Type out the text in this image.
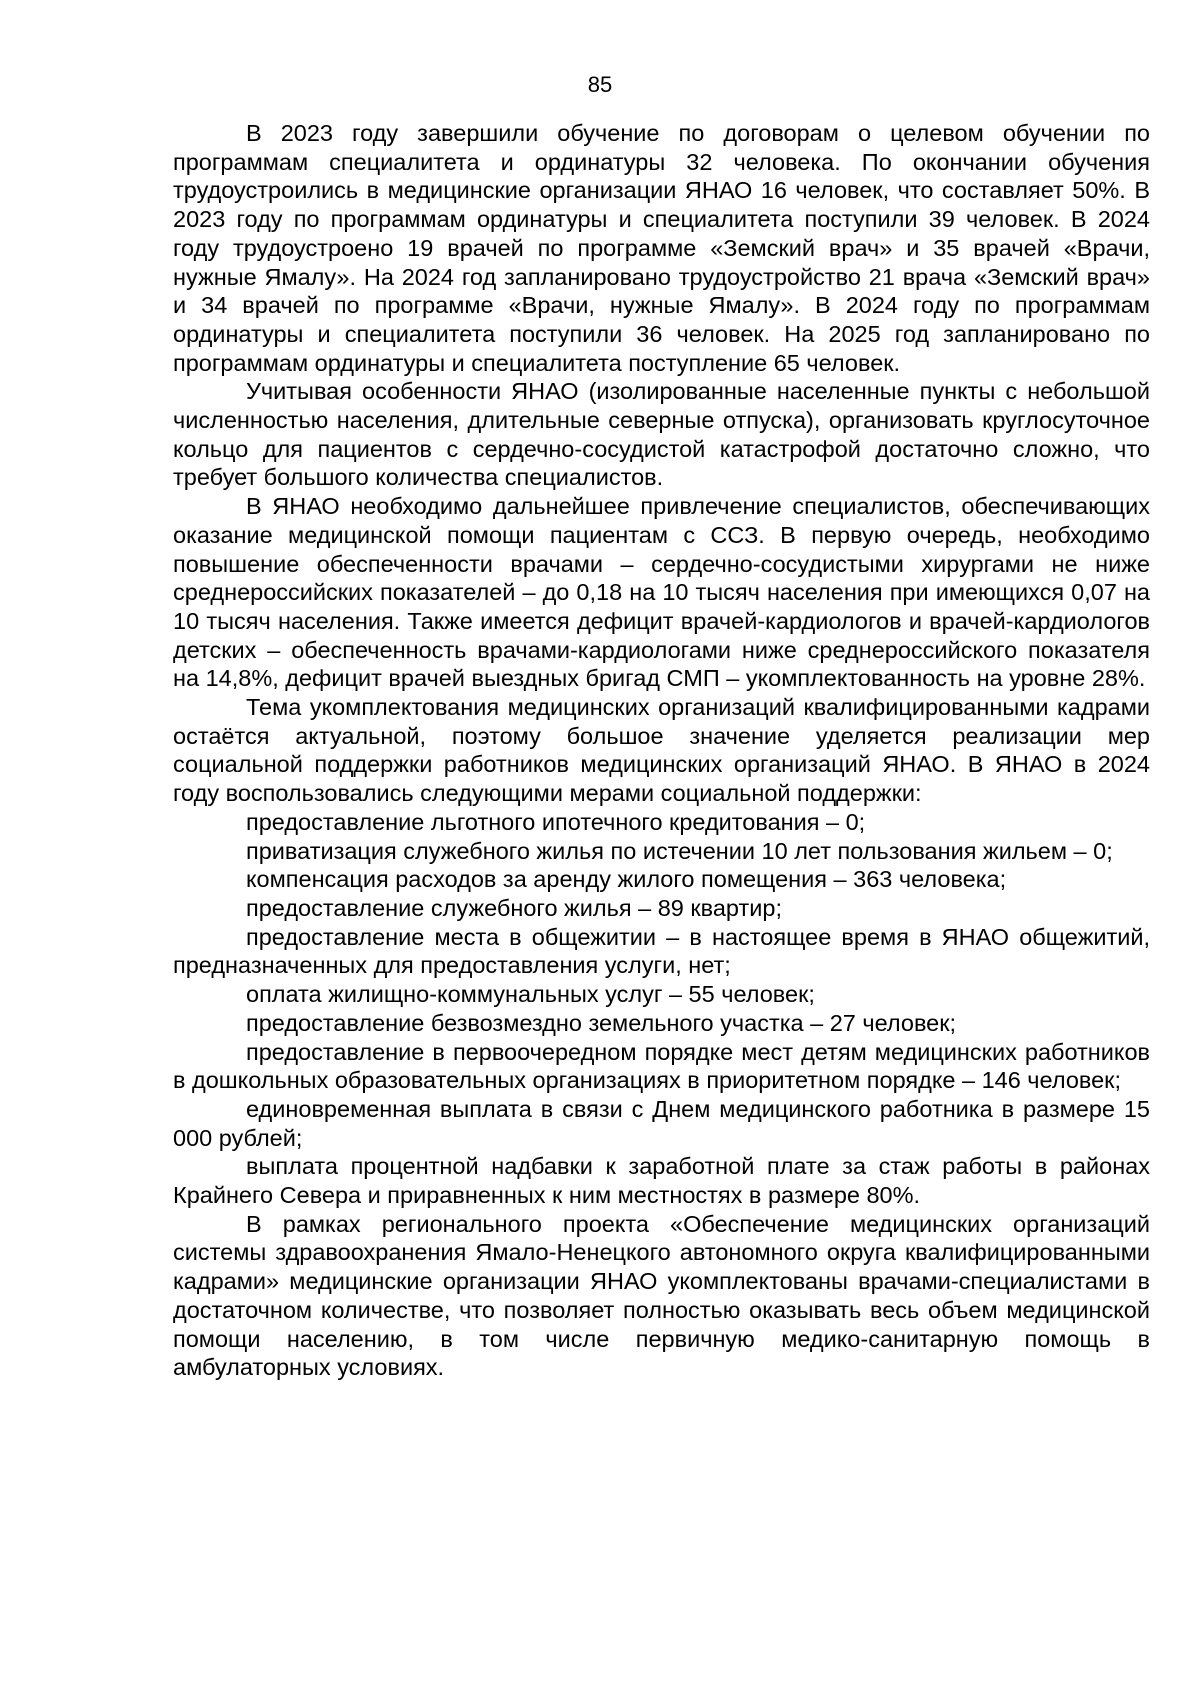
85

В 2023 году завершили обучение по договорам о целевом обучении по программам специалитета и ординатуры 32 человека. По окончании обучения трудоустроились в медицинские организации ЯНАО 16 человек, что составляет 50%. В 2023 году по программам ординатуры и специалитета поступили 39 человек. В 2024 году трудоустроено 19 врачей по программе «Земский врач» и 35 врачей «Врачи, нужные Ямалу». На 2024 год запланировано трудоустройство 21 врача «Земский врач» и 34 врачей по программе «Врачи, нужные Ямалу». В 2024 году по программам ординатуры и специалитета поступили 36 человек. На 2025 год запланировано по программам ординатуры и специалитета поступление 65 человек.

Учитывая особенности ЯНАО (изолированные населенные пункты с небольшой численностью населения, длительные северные отпуска), организовать круглосуточное кольцо для пациентов с сердечно-сосудистой катастрофой достаточно сложно, что требует большого количества специалистов.

В ЯНАО необходимо дальнейшее привлечение специалистов, обеспечивающих оказание медицинской помощи пациентам с ССЗ. В первую очередь, необходимо повышение обеспеченности врачами – сердечно-сосудистыми хирургами не ниже среднероссийских показателей – до 0,18 на 10 тысяч населения при имеющихся 0,07 на 10 тысяч населения. Также имеется дефицит врачей-кардиологов и врачей-кардиологов детских – обеспеченность врачами-кардиологами ниже среднероссийского показателя на 14,8%, дефицит врачей выездных бригад СМП – укомплектованность на уровне 28%.

Тема укомплектования медицинских организаций квалифицированными кадрами остаётся актуальной, поэтому большое значение уделяется реализации мер социальной поддержки работников медицинских организаций ЯНАО. В ЯНАО в 2024 году воспользовались следующими мерами социальной поддержки:

предоставление льготного ипотечного кредитования – 0;

приватизация служебного жилья по истечении 10 лет пользования жильем – 0;

компенсация расходов за аренду жилого помещения – 363 человека;

предоставление служебного жилья – 89 квартир;

предоставление места в общежитии – в настоящее время в ЯНАО общежитий, предназначенных для предоставления услуги, нет;

оплата жилищно-коммунальных услуг – 55 человек;

предоставление безвозмездно земельного участка – 27 человек;

предоставление в первоочередном порядке мест детям медицинских работников в дошкольных образовательных организациях в приоритетном порядке – 146 человек;

единовременная выплата в связи с Днем медицинского работника в размере 15 000 рублей;

выплата процентной надбавки к заработной плате за стаж работы в районах Крайнего Севера и приравненных к ним местностях в размере 80%.

В рамках регионального проекта «Обеспечение медицинских организаций системы здравоохранения Ямало-Ненецкого автономного округа квалифицированными кадрами» медицинские организации ЯНАО укомплектованы врачами-специалистами в достаточном количестве, что позволяет полностью оказывать весь объем медицинской помощи населению, в том числе первичную медико-санитарную помощь в амбулаторных условиях.
